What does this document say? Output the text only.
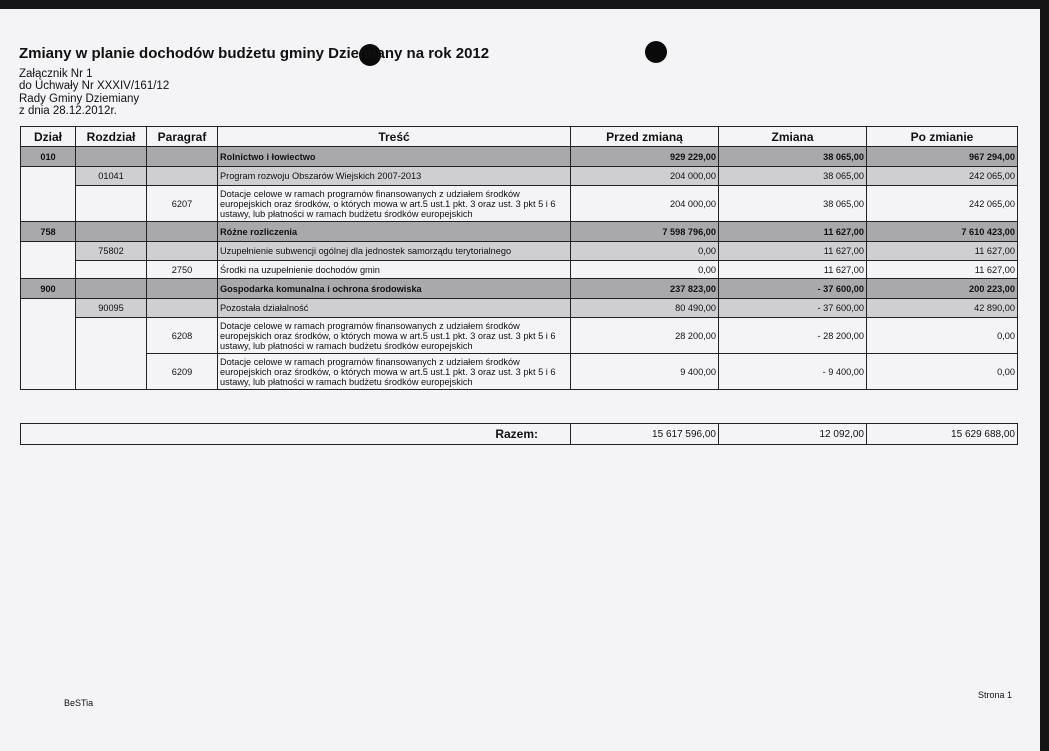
Zmiany w planie dochodów budżetu gminy Dziemiany na rok 2012
Załącznik Nr 1
do Uchwały Nr XXXIV/161/12
Rady Gminy Dziemiany
z dnia 28.12.2012r.
Dział	Rozdział	Paragraf	Treść	Przed zmianą	Zmiana	Po zmianie
010			Rolnictwo i łowiectwo	929 229,00	38 065,00	967 294,00
	01041		Program rozwoju Obszarów Wiejskich 2007-2013	204 000,00	38 065,00	242 065,00
		6207	Dotacje celowe w ramach programów finansowanych z udziałem środków europejskich oraz środków, o których mowa w art.5 ust.1 pkt. 3 oraz ust. 3 pkt 5 i 6 ustawy, lub płatności w ramach budżetu środków europejskich	204 000,00	38 065,00	242 065,00
758			Różne rozliczenia	7 598 796,00	11 627,00	7 610 423,00
	75802		Uzupełnienie subwencji ogólnej dla jednostek samorządu terytorialnego	0,00	11 627,00	11 627,00
		2750	Środki na uzupełnienie dochodów gmin	0,00	11 627,00	11 627,00
900			Gospodarka komunalna i ochrona środowiska	237 823,00	- 37 600,00	200 223,00
	90095		Pozostała działalność	80 490,00	- 37 600,00	42 890,00
		6208	Dotacje celowe w ramach programów finansowanych z udziałem środków europejskich oraz środków, o których mowa w art.5 ust.1 pkt. 3 oraz ust. 3 pkt 5 i 6 ustawy, lub płatności w ramach budżetu środków europejskich	28 200,00	- 28 200,00	0,00
		6209	Dotacje celowe w ramach programów finansowanych z udziałem środków europejskich oraz środków, o których mowa w art.5 ust.1 pkt. 3 oraz ust. 3 pkt 5 i 6 ustawy, lub płatności w ramach budżetu środków europejskich	9 400,00	- 9 400,00	0,00
Razem:	15 617 596,00	12 092,00	15 629 688,00
BeSTia
Strona 1
